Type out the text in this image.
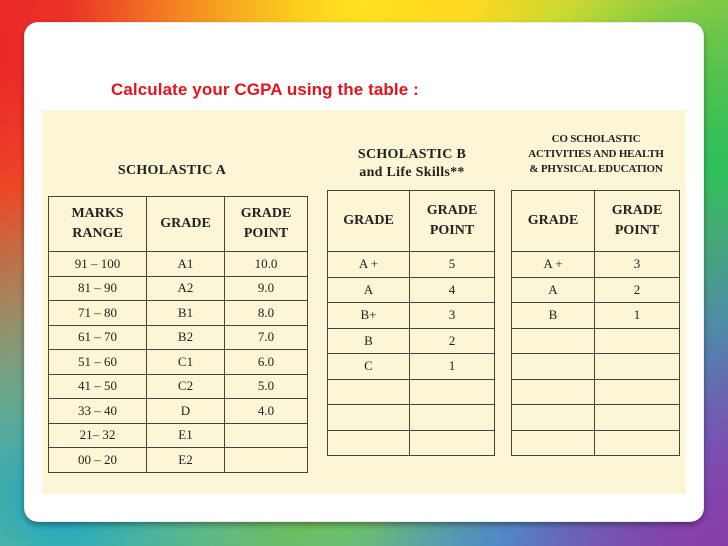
Calculate your CGPA using the table :
SCHOLASTIC A
MARKS RANGE	GRADE	GRADE POINT
91 – 100	A1	10.0
81 – 90	A2	9.0
71 – 80	B1	8.0
61 – 70	B2	7.0
51 – 60	C1	6.0
41 – 50	C2	5.0
33 – 40	D	4.0
21– 32	E1	
00 – 20	E2	
SCHOLASTIC B
and Life Skills**
GRADE	GRADE POINT
A +	5
A	4
B+	3
B	2
C	1

CO SCHOLASTIC
ACTIVITIES AND HEALTH
& PHYSICAL EDUCATION
GRADE	GRADE POINT
A +	3
A	2
B	1
